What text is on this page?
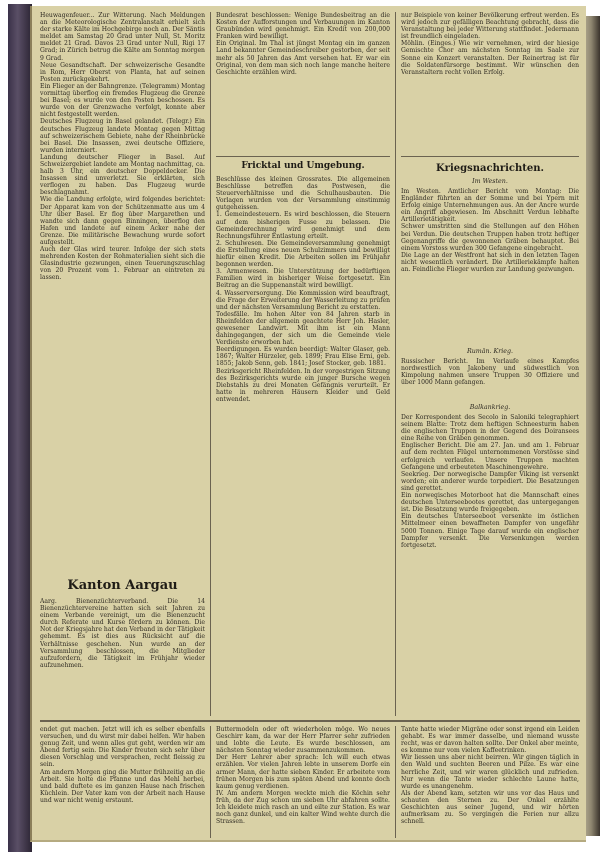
Heuwagenfeuer... Zur Witterung. Nach Meldungen an die Meteorologische Zentralanstalt erhielt sich der starke Kälte im Hochgebirge noch an. Der Säntis meldet am Samstag 20 Grad unter Null, St. Moritz meldet 21 Grad. Davos 23 Grad unter Null, Rigi 17 Grad; in Zürich betrug die Kälte am Sonntag morgen 9 Grad.
Neue Gesandtschaft. Der schweizerische Gesandte in Rom, Herr Oberst von Planta, hat auf seinen Posten zurückgekehrt.
Ein Flieger an der Bahngrenze. (Telegramm) Montag vormittag überflog ein fremdes Flugzeug die Grenze bei Basel; es wurde von den Posten beschossen. Es wurde von der Grenzwache verfolgt, konnte aber nicht festgestellt werden.
Deutsches Flugzeug in Basel gelandet. (Telegr.) Ein deutsches Flugzeug landete Montag gegen Mittag auf schweizerischem Gebiete, nahe der Rheinbrücke bei Basel. Die Insassen, zwei deutsche Offiziere, wurden interniert.
Landung deutscher Flieger in Basel. Auf Schweizergebiet landete am Montag nachmittag, ca. halb 3 Uhr, ein deutscher Doppeldecker. Die Insassen sind unverletzt. Sie erklärten, sich verflogen zu haben. Das Flugzeug wurde beschlagnahmt.
Wie die Landung erfolgte, wird folgendes berichtet: Der Apparat kam von der Schützenmatte aus um 4 Uhr über Basel. Er flog über Margarethen und wandte sich dann gegen Binningen, überflog den Hafen und landete auf einem Acker nahe der Grenze. Die militärische Bewachung wurde sofort aufgestellt.
Auch der Glas wird teurer. Infolge der sich stets mehrenden Kosten der Rohmaterialien sieht sich die Glasindustrie gezwungen, einen Teuerungszuschlag von 20 Prozent vom 1. Februar an eintreten zu lassen.
Kanton Aargau
Aarg. Bienenzüchterverband. Die 14 Bienenzüchtervereine hatten sich seit Jahren zu einem Verbande vereinigt, um die Bienenzucht durch Referate und Kurse fördern zu können. Die Not der Kriegsjahre hat den Verband in der Tätigkeit gehemmt. Es ist dies aus Rücksicht auf die Verhältnisse geschehen. Nun wurde an der Versammlung beschlossen, die Mitglieder aufzufordern, die Tätigkeit im Frühjahr wieder aufzunehmen.
Bundesrat beschlossen: Wenige Bundesbeitrag an die Kosten der Aufforstungen und Verbauungen im Kanton Graubünden wird genehmigt. Ein Kredit von 200,000 Franken wird bewilligt.
Ein Original. Im Thal ist jüngst Montag ein im ganzen Land bekannter Gemeindeschreiber gestorben, der seit mehr als 50 Jahren das Amt versehen hat. Er war ein Original, von dem man sich noch lange manche heitere Geschichte erzählen wird.
Fricktal und Umgebung.
Beschlüsse des kleinen Grossrates. Die allgemeinen Beschlüsse betreffen das Postwesen, die Steuerverhältnisse und die Schulhausbauten. Die Vorlagen wurden von der Versammlung einstimmig gutgeheissen.
1. Gemeindesteuern. Es wird beschlossen, die Steuern auf dem bisherigen Fusse zu belassen. Die Gemeinderechnung wird genehmigt und dem Rechnungsführer Entlastung erteilt.
2. Schulwesen. Die Gemeindeversammlung genehmigt die Erstellung eines neuen Schulzimmers und bewilligt hiefür einen Kredit. Die Arbeiten sollen im Frühjahr begonnen werden.
3. Armenwesen. Die Unterstützung der bedürftigen Familien wird in bisheriger Weise fortgesetzt. Ein Beitrag an die Suppenanstalt wird bewilligt.
4. Wasserversorgung. Die Kommission wird beauftragt, die Frage der Erweiterung der Wasserleitung zu prüfen und der nächsten Versammlung Bericht zu erstatten.
Todesfälle. Im hohen Alter von 84 Jahren starb in Rheinfelden der allgemein geachtete Herr Joh. Hasler, gewesener Landwirt. Mit ihm ist ein Mann dahingegangen, der sich um die Gemeinde viele Verdienste erworben hat.
Beerdigungen. Es wurden beerdigt: Walter Glaser, geb. 1867; Walter Hürzeler, geb. 1899; Frau Elise Erni, geb. 1855; Jakob Senn, geb. 1841; Josef Stocker, geb. 1881.
Bezirksgericht Rheinfelden. In der vorgestrigen Sitzung des Bezirksgerichts wurde ein junger Bursche wegen Diebstahls zu drei Monaten Gefängnis verurteilt. Er hatte in mehreren Häusern Kleider und Geld entwendet.
nur Beispiele von keiner Bevölkerung erfreut werden. Es wird jedoch zur gefälligen Beachtung gebracht, dass die Veranstaltung bei jeder Witterung stattfindet. Jedermann ist freundlich eingeladen.
Möhlin. (Einges.) Wie wir vernehmen, wird der hiesige Gemischte Chor am nächsten Sonntag im Saale zur Sonne ein Konzert veranstalten. Der Reinertrag ist für die Soldatenfürsorge bestimmt. Wir wünschen den Veranstaltern recht vollen Erfolg.
Kriegsnachrichten.
Im Westen.
Im Westen. Amtlicher Bericht vom Montag: Die Engländer führten an der Somme und bei Ypern mit Erfolg einige Unternehmungen aus. An der Ancre wurde ein Angriff abgewiesen. Im Abschnitt Verdun lebhafte Artillerietätigkeit.
Schwer umstritten sind die Stellungen auf den Höhen bei Verdun. Die deutschen Truppen haben trotz heftiger Gegenangriffe die gewonnenen Gräben behauptet. Bei einem Vorstoss wurden 300 Gefangene eingebracht.
Die Lage an der Westfront hat sich in den letzten Tagen nicht wesentlich verändert. Die Artilleriekämpfe halten an. Feindliche Flieger wurden zur Landung gezwungen.
Rumän. Krieg.
Russischer Bericht. Im Verlaufe eines Kampfes nordwestlich von Jakobeny und südwestlich von Kimpolung nahmen unsere Truppen 30 Offiziere und über 1000 Mann gefangen.
Balkankrieg.
Der Korrespondent des Secolo in Saloniki telegraphiert seinem Blatte: Trotz dem heftigen Schneesturm haben die englischen Truppen in der Gegend des Doiransees eine Reihe von Gräben genommen.
Englischer Bericht. Die am 27. Jan. und am 1. Februar auf dem rechten Flügel unternommenen Vorstösse sind erfolgreich verlaufen. Unsere Truppen machten Gefangene und erbeuteten Maschinengewehre.
Seekrieg. Der norwegische Dampfer Viking ist versenkt worden; ein anderer wurde torpediert. Die Besatzungen sind gerettet.
Ein norwegisches Motorboot hat die Mannschaft eines deutschen Unterseebootes gerettet, das untergegangen ist. Die Besatzung wurde freigegeben.
Ein deutsches Unterseeboot versenkte im östlichen Mittelmeer einen bewaffneten Dampfer von ungefähr 5000 Tonnen. Einige Tage darauf wurde ein englischer Dampfer versenkt. Die Versenkungen werden fortgesetzt.
endet gut machen. Jetzt will ich es selber ebenfalls versuchen, und du wirst mir dabei helfen. Wir haben genug Zeit, und wenn alles gut geht, werden wir am Abend fertig sein. Die Kinder freuten sich sehr über diesen Vorschlag und versprachen, recht fleissig zu sein.
Am andern Morgen ging die Mutter frühzeitig an die Arbeit. Sie holte die Pfanne und das Mehl herbei, und bald duftete es im ganzen Hause nach frischen Küchlein. Der Vater kam von der Arbeit nach Hause und war nicht wenig erstaunt.
Buttermodeln oder oft wiederholen möge. Wo neues Geschirr kam, da war der Herr Pfarrer sehr zufrieden und lobte die Leute. Es wurde beschlossen, am nächsten Sonntag wieder zusammenzukommen.
Der Herr Lehrer aber sprach: Ich will euch etwas erzählen. Vor vielen Jahren lebte in unserem Dorfe ein armer Mann, der hatte sieben Kinder. Er arbeitete vom frühen Morgen bis zum späten Abend und konnte doch kaum genug verdienen.
IV. Am andern Morgen weckte mich die Köchin sehr früh, da der Zug schon um sieben Uhr abfahren sollte. Ich kleidete mich rasch an und eilte zur Station. Es war noch ganz dunkel, und ein kalter Wind wehte durch die Strassen.
Tante hatte wieder Migräne oder sonst irgend ein Leiden gehabt. Es war immer dasselbe, und niemand wusste recht, was er davon halten sollte. Der Onkel aber meinte, es komme nur vom vielen Kaffeetrinken.
Wir liessen uns aber nicht beirren. Wir gingen täglich in den Wald und suchten Beeren und Pilze. Es war eine herrliche Zeit, und wir waren glücklich und zufrieden. Nur wenn die Tante wieder schlechte Laune hatte, wurde es unangenehm.
Als der Abend kam, setzten wir uns vor das Haus und schauten den Sternen zu. Der Onkel erzählte Geschichten aus seiner Jugend, und wir hörten aufmerksam zu. So vergingen die Ferien nur allzu schnell.
